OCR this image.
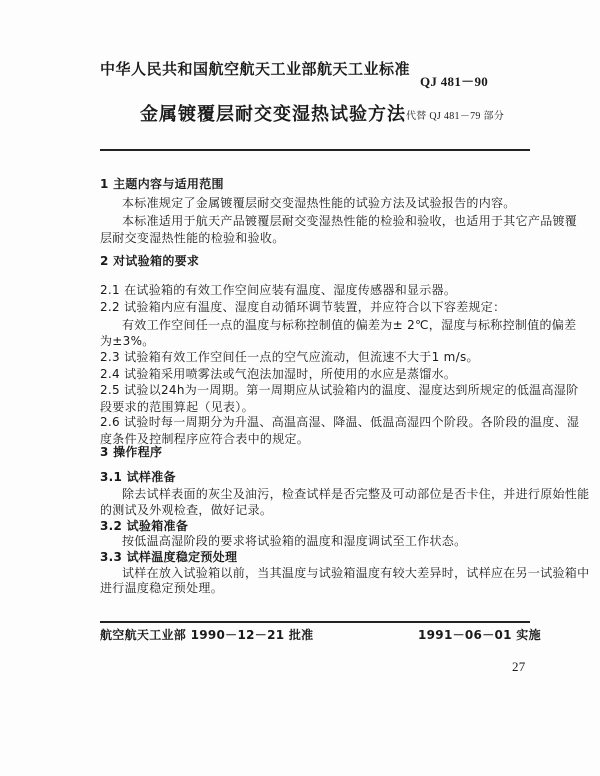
中华人民共和国航空航天工业部航天工业标准
QJ 481－90
金属镀覆层耐交变湿热试验方法 代替 QJ 481－79 部分
1 主题内容与适用范围
本标准规定了金属镀覆层耐交变湿热性能的试验方法及试验报告的内容。
本标准适用于航天产品镀覆层耐交变湿热性能的检验和验收，也适用于其它产品镀覆
层耐交变湿热性能的检验和验收。
2 对试验箱的要求
2.1 在试验箱的有效工作空间应装有温度、湿度传感器和显示器。
2.2 试验箱内应有温度、湿度自动循环调节装置，并应符合以下容差规定：
有效工作空间任一点的温度与标称控制值的偏差为± 2℃，湿度与标称控制值的偏差
为±3%。
2.3 试验箱有效工作空间任一点的空气应流动，但流速不大于1 m/s。
2.4 试验箱采用喷雾法或气泡法加湿时，所使用的水应是蒸馏水。
2.5 试验以24h为一周期。第一周期应从试验箱内的温度、湿度达到所规定的低温高湿阶
段要求的范围算起（见表）。
2.6 试验时每一周期分为升温、高温高湿、降温、低温高湿四个阶段。各阶段的温度、湿
度条件及控制程序应符合表中的规定。
3 操作程序
3.1 试样准备
除去试样表面的灰尘及油污，检查试样是否完整及可动部位是否卡住，并进行原始性能
的测试及外观检查，做好记录。
3.2 试验箱准备
按低温高湿阶段的要求将试验箱的温度和湿度调试至工作状态。
3.3 试样温度稳定预处理
试样在放入试验箱以前，当其温度与试验箱温度有较大差异时，试样应在另一试验箱中
进行温度稳定预处理。
航空航天工业部 1990－12－21 批准	1991－06－01 实施
27
